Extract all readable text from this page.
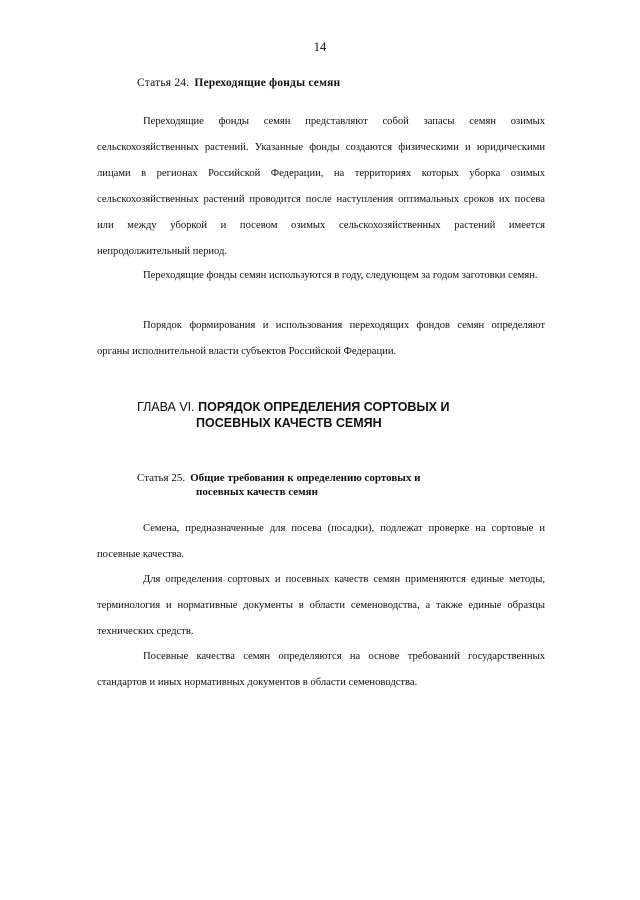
14
Статья 24. Переходящие фонды семян

Переходящие фонды семян представляют собой запасы семян озимых сельскохозяйственных растений. Указанные фонды создаются физическими и юридическими лицами в регионах Российской Федерации, на территориях которых уборка озимых сельскохозяйственных растений проводится после наступления оптимальных сроков их посева или между уборкой и посевом озимых сельскохозяйственных растений имеется непродолжительный период.

Переходящие фонды семян используются в году, следующем за годом заготовки семян.

Порядок формирования и использования переходящих фондов семян определяют органы исполнительной власти субъектов Российской Федерации.

ГЛАВА VI. ПОРЯДОК ОПРЕДЕЛЕНИЯ СОРТОВЫХ И
ПОСЕВНЫХ КАЧЕСТВ СЕМЯН
Статья 25. Общие требования к определению сортовых и
посевных качеств семян

Семена, предназначенные для посева (посадки), подлежат проверке на сортовые и посевные качества.

Для определения сортовых и посевных качеств семян применяются единые методы, терминология и нормативные документы в области семеноводства, а также единые образцы технических средств.

Посевные качества семян определяются на основе требований государственных стандартов и иных нормативных документов в области семеноводства.
